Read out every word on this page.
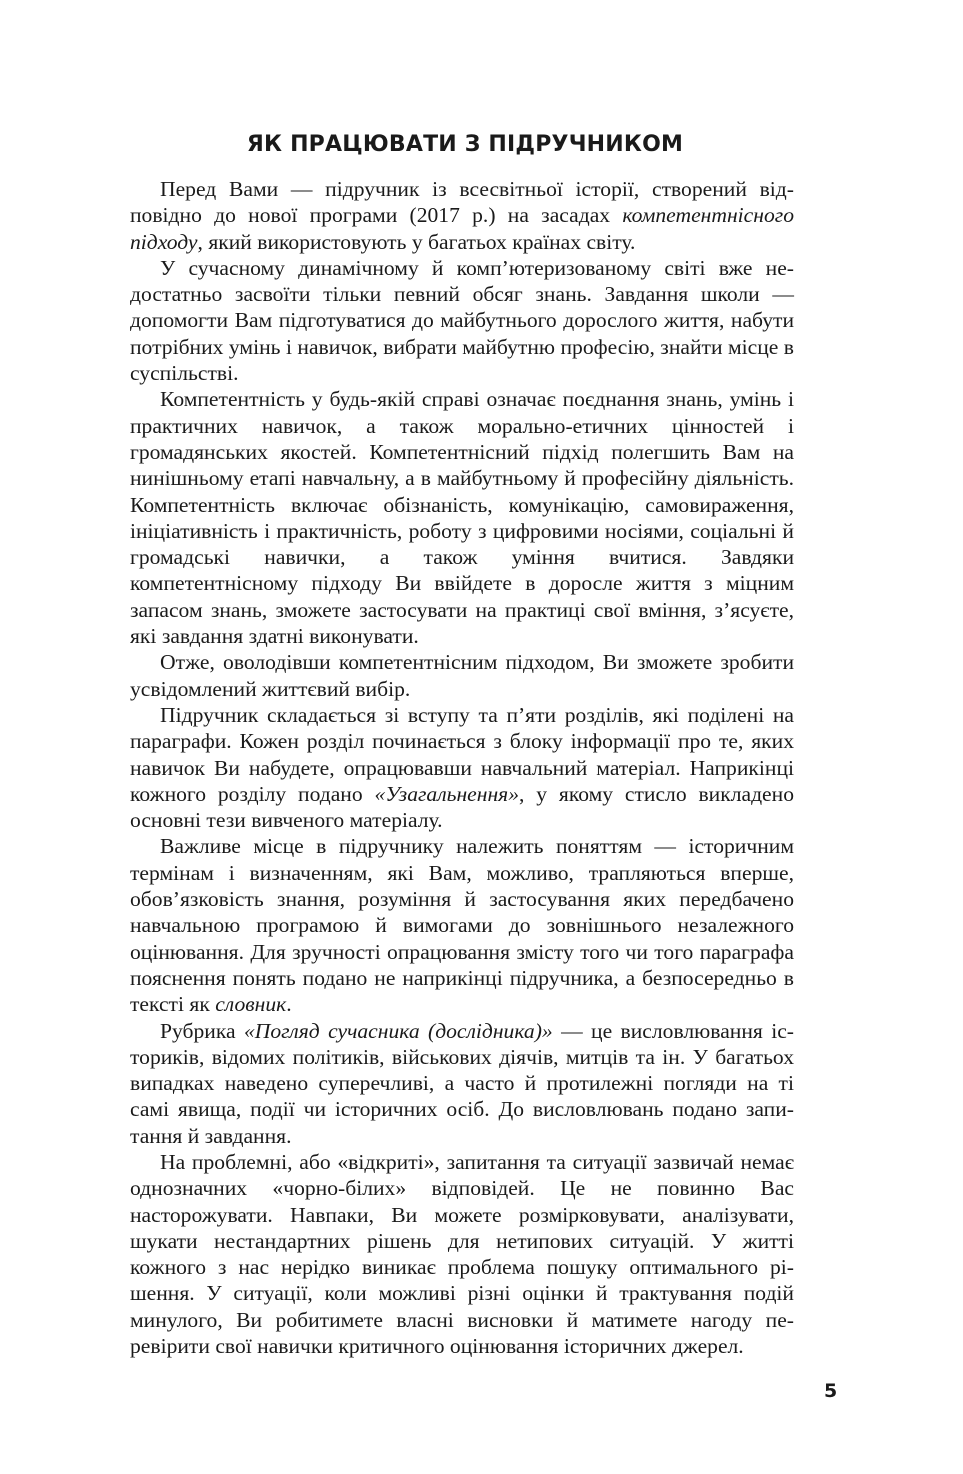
ЯК ПРАЦЮВАТИ З ПІДРУЧНИКОМ

Перед Вами — підручник із всесвітньої історії, створений відповідно до нової програми (2017 р.) на засадах компетентнісного підходу, який використовують у багатьох країнах світу.

У сучасному динамічному й комп’ютеризованому світі вже недостатньо засвоїти тільки певний обсяг знань. Завдання школи — допомогти Вам підготуватися до майбутнього дорослого життя, набути потрібних умінь і навичок, вибрати майбутню професію, знайти місце в суспільстві.

Компетентність у будь-якій справі означає поєднання знань, умінь і практичних навичок, а також морально-етичних цінностей і громадянських якостей. Компетентнісний підхід полегшить Вам на нинішньому етапі навчальну, а в майбутньому й професійну діяльність. Компетентність включає обізнаність, комунікацію, самовираження, ініціативність і практичність, роботу з цифровими носіями, соціальні й громадські навички, а також уміння вчитися. Завдяки компетентнісному підходу Ви ввійдете в доросле життя з міцним запасом знань, зможете застосувати на практиці свої вміння, з’ясуєте, які завдання здатні виконувати.

Отже, оволодівши компетентнісним підходом, Ви зможете зробити усвідомлений життєвий вибір.

Підручник складається зі вступу та п’яти розділів, які поділені на параграфи. Кожен розділ починається з блоку інформації про те, яких навичок Ви набудете, опрацювавши навчальний матеріал. Наприкінці кожного розділу подано «Узагальнення», у якому стисло викладено основні тези вивченого матеріалу.

Важливе місце в підручнику належить поняттям — історичним термінам і визначенням, які Вам, можливо, трапляються вперше, обов’язковість знання, розуміння й застосування яких передбачено навчальною програмою й вимогами до зовнішнього незалежного оцінювання. Для зручності опрацювання змісту того чи того параграфа пояснення понять подано не наприкінці підручника, а безпосередньо в тексті як словник.

Рубрика «Погляд сучасника (дослідника)» — це висловлювання істориків, відомих політиків, військових діячів, митців та ін. У багатьох випадках наведено суперечливі, а часто й протилежні погляди на ті самі явища, події чи історичних осіб. До висловлювань подано запитання й завдання.

На проблемні, або «відкриті», запитання та ситуації зазвичай немає однозначних «чорно-білих» відповідей. Це не повинно Вас насторожувати. Навпаки, Ви можете розмірковувати, аналізувати, шукати нестандартних рішень для нетипових ситуацій. У житті кожного з нас нерідко виникає проблема пошуку оптимального рішення. У ситуації, коли можливі різні оцінки й трактування подій минулого, Ви робитимете власні висновки й матимете нагоду перевірити свої навички критичного оцінювання історичних джерел.

5
